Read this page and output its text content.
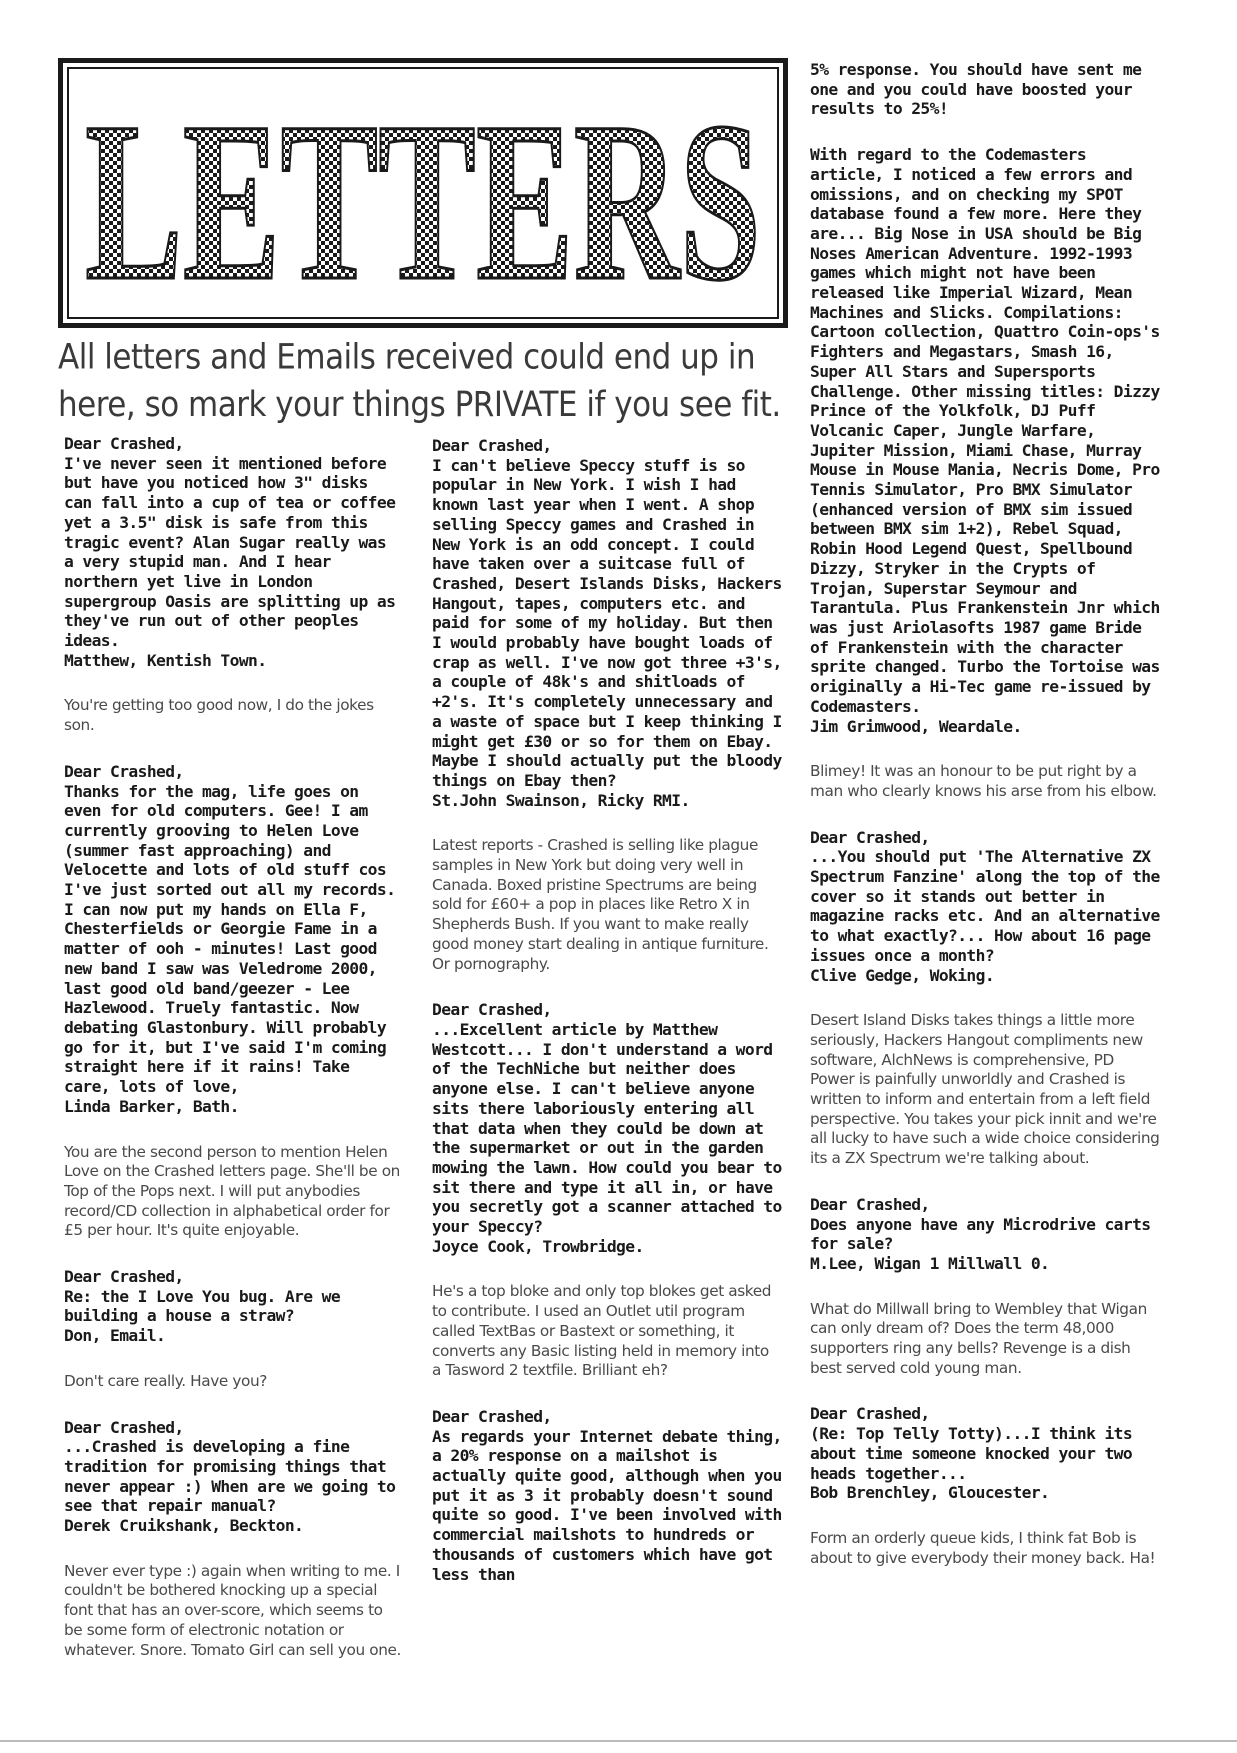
LETTERS
All letters and Emails received could end up in here, so mark your things PRIVATE if you see fit.

Dear Crashed,

I've never seen it mentioned before but have you noticed how 3" disks can fall into a cup of tea or coffee yet a 3.5" disk is safe from this tragic event? Alan Sugar really was a very stupid man. And I hear northern yet live in London supergroup Oasis are splitting up as they've run out of other peoples ideas.

Matthew, Kentish Town.

You're getting too good now, I do the jokes son.

Dear Crashed,

Thanks for the mag, life goes on even for old computers. Gee! I am currently grooving to Helen Love (summer fast approaching) and Velocette and lots of old stuff cos I've just sorted out all my records. I can now put my hands on Ella F, Chesterfields or Georgie Fame in a matter of ooh - minutes! Last good new band I saw was Veledrome 2000, last good old band/geezer - Lee Hazlewood. Truely fantastic. Now debating Glastonbury. Will probably go for it, but I've said I'm coming straight here if it rains! Take care, lots of love,

Linda Barker, Bath.

You are the second person to mention Helen Love on the Crashed letters page. She'll be on Top of the Pops next. I will put anybodies record/CD collection in alphabetical order for £5 per hour. It's quite enjoyable.

Dear Crashed,

Re: the I Love You bug. Are we building a house a straw?

Don, Email.

Don't care really. Have you?

Dear Crashed,

...Crashed is developing a fine tradition for promising things that never appear :) When are we going to see that repair manual?

Derek Cruikshank, Beckton.

Never ever type :) again when writing to me. I couldn't be bothered knocking up a special font that has an over-score, which seems to be some form of electronic notation or whatever. Snore. Tomato Girl can sell you one.

Dear Crashed,

I can't believe Speccy stuff is so popular in New York. I wish I had known last year when I went. A shop selling Speccy games and Crashed in New York is an odd concept. I could have taken over a suitcase full of Crashed, Desert Islands Disks, Hackers Hangout, tapes, computers etc. and paid for some of my holiday. But then I would probably have bought loads of crap as well. I've now got three +3's, a couple of 48k's and shitloads of +2's. It's completely unnecessary and a waste of space but I keep thinking I might get £30 or so for them on Ebay. Maybe I should actually put the bloody things on Ebay then?

St.John Swainson, Ricky RMI.

Latest reports - Crashed is selling like plague samples in New York but doing very well in Canada. Boxed pristine Spectrums are being sold for £60+ a pop in places like Retro X in Shepherds Bush. If you want to make really good money start dealing in antique furniture. Or pornography.

Dear Crashed,

...Excellent article by Matthew Westcott... I don't understand a word of the TechNiche but neither does anyone else. I can't believe anyone sits there laboriously entering all that data when they could be down at the supermarket or out in the garden mowing the lawn. How could you bear to sit there and type it all in, or have you secretly got a scanner attached to your Speccy?

Joyce Cook, Trowbridge.

He's a top bloke and only top blokes get asked to contribute. I used an Outlet util program called TextBas or Bastext or something, it converts any Basic listing held in memory into a Tasword 2 textfile. Brilliant eh?

Dear Crashed,

As regards your Internet debate thing, a 20% response on a mailshot is actually quite good, although when you put it as 3 it probably doesn't sound quite so good. I've been involved with commercial mailshots to hundreds or thousands of customers which have got less than

5% response. You should have sent me one and you could have boosted your results to 25%!

With regard to the Codemasters article, I noticed a few errors and omissions, and on checking my SPOT database found a few more. Here they are... Big Nose in USA should be Big Noses American Adventure. 1992-1993 games which might not have been released like Imperial Wizard, Mean Machines and Slicks. Compilations: Cartoon collection, Quattro Coin-ops's Fighters and Megastars, Smash 16, Super All Stars and Supersports Challenge. Other missing titles: Dizzy Prince of the Yolkfolk, DJ Puff Volcanic Caper, Jungle Warfare, Jupiter Mission, Miami Chase, Murray Mouse in Mouse Mania, Necris Dome, Pro Tennis Simulator, Pro BMX Simulator (enhanced version of BMX sim issued between BMX sim 1+2), Rebel Squad, Robin Hood Legend Quest, Spellbound Dizzy, Stryker in the Crypts of Trojan, Superstar Seymour and Tarantula. Plus Frankenstein Jnr which was just Ariolasofts 1987 game Bride of Frankenstein with the character sprite changed. Turbo the Tortoise was originally a Hi-Tec game re-issued by Codemasters.

Jim Grimwood, Weardale.

Blimey! It was an honour to be put right by a man who clearly knows his arse from his elbow.

Dear Crashed,

...You should put 'The Alternative ZX Spectrum Fanzine' along the top of the cover so it stands out better in magazine racks etc. And an alternative to what exactly?... How about 16 page issues once a month?

Clive Gedge, Woking.

Desert Island Disks takes things a little more seriously, Hackers Hangout compliments new software, AlchNews is comprehensive, PD Power is painfully unworldly and Crashed is written to inform and entertain from a left field perspective. You takes your pick innit and we're all lucky to have such a wide choice considering its a ZX Spectrum we're talking about.

Dear Crashed,

Does anyone have any Microdrive carts for sale?

M.Lee, Wigan 1 Millwall 0.

What do Millwall bring to Wembley that Wigan can only dream of? Does the term 48,000 supporters ring any bells? Revenge is a dish best served cold young man.

Dear Crashed,

(Re: Top Telly Totty)...I think its about time someone knocked your two heads together...

Bob Brenchley, Gloucester.

Form an orderly queue kids, I think fat Bob is about to give everybody their money back. Ha!
